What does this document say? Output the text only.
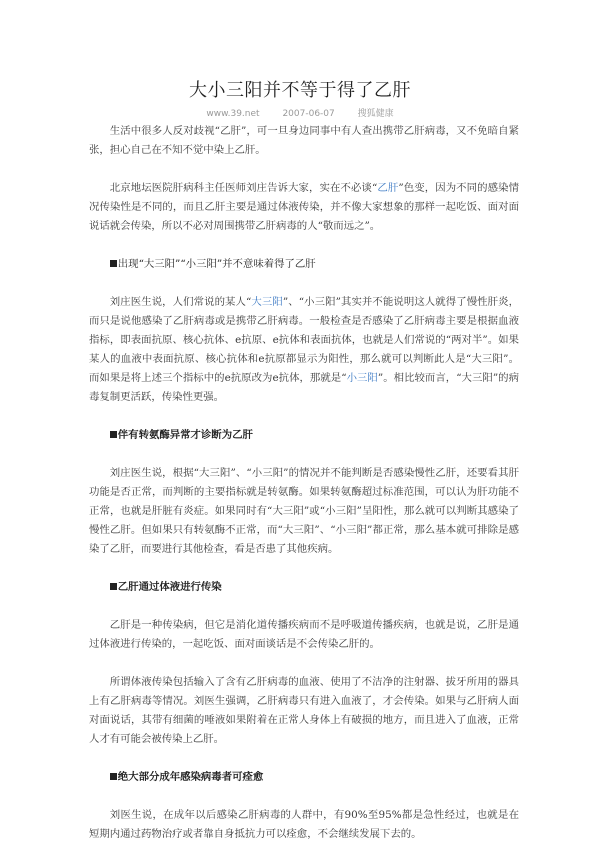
大小三阳并不等于得了乙肝
www.39.net	2007-06-07	搜狐健康

生活中很多人反对歧视“乙肝”，可一旦身边同事中有人查出携带乙肝病毒，又不免暗自紧张，担心自己在不知不觉中染上乙肝。

北京地坛医院肝病科主任医师刘庄告诉大家，实在不必谈“乙肝”色变，因为不同的感染情况传染性是不同的，而且乙肝主要是通过体液传染，并不像大家想象的那样一起吃饭、面对面说话就会传染，所以不必对周围携带乙肝病毒的人“敬而远之”。

出现“大三阳”“小三阳”并不意味着得了乙肝

刘庄医生说，人们常说的某人“大三阳”、“小三阳”其实并不能说明这人就得了慢性肝炎，而只是说他感染了乙肝病毒或是携带乙肝病毒。一般检查是否感染了乙肝病毒主要是根据血液指标，即表面抗原、核心抗体、e抗原、e抗体和表面抗体，也就是人们常说的“两对半”。如果某人的血液中表面抗原、核心抗体和e抗原都显示为阳性，那么就可以判断此人是“大三阳”。而如果是将上述三个指标中的e抗原改为e抗体，那就是“小三阳”。相比较而言，“大三阳”的病毒复制更活跃，传染性更强。

伴有转氨酶异常才诊断为乙肝

刘庄医生说，根据“大三阳”、“小三阳”的情况并不能判断是否感染慢性乙肝，还要看其肝功能是否正常，而判断的主要指标就是转氨酶。如果转氨酶超过标准范围，可以认为肝功能不正常，也就是肝脏有炎症。如果同时有“大三阳”或“小三阳”呈阳性，那么就可以判断其感染了慢性乙肝。但如果只有转氨酶不正常，而“大三阳”、“小三阳”都正常，那么基本就可排除是感染了乙肝，而要进行其他检查，看是否患了其他疾病。

乙肝通过体液进行传染

乙肝是一种传染病，但它是消化道传播疾病而不是呼吸道传播疾病，也就是说，乙肝是通过体液进行传染的，一起吃饭、面对面谈话是不会传染乙肝的。

所谓体液传染包括输入了含有乙肝病毒的血液、使用了不洁净的注射器、拔牙所用的器具上有乙肝病毒等情况。刘医生强调，乙肝病毒只有进入血液了，才会传染。如果与乙肝病人面对面说话，其带有细菌的唾液如果附着在正常人身体上有破损的地方，而且进入了血液，正常人才有可能会被传染上乙肝。

绝大部分成年感染病毒者可痊愈

刘医生说，在成年以后感染乙肝病毒的人群中，有90%至95%都是急性经过，也就是在短期内通过药物治疗或者靠自身抵抗力可以痊愈，不会继续发展下去的。
